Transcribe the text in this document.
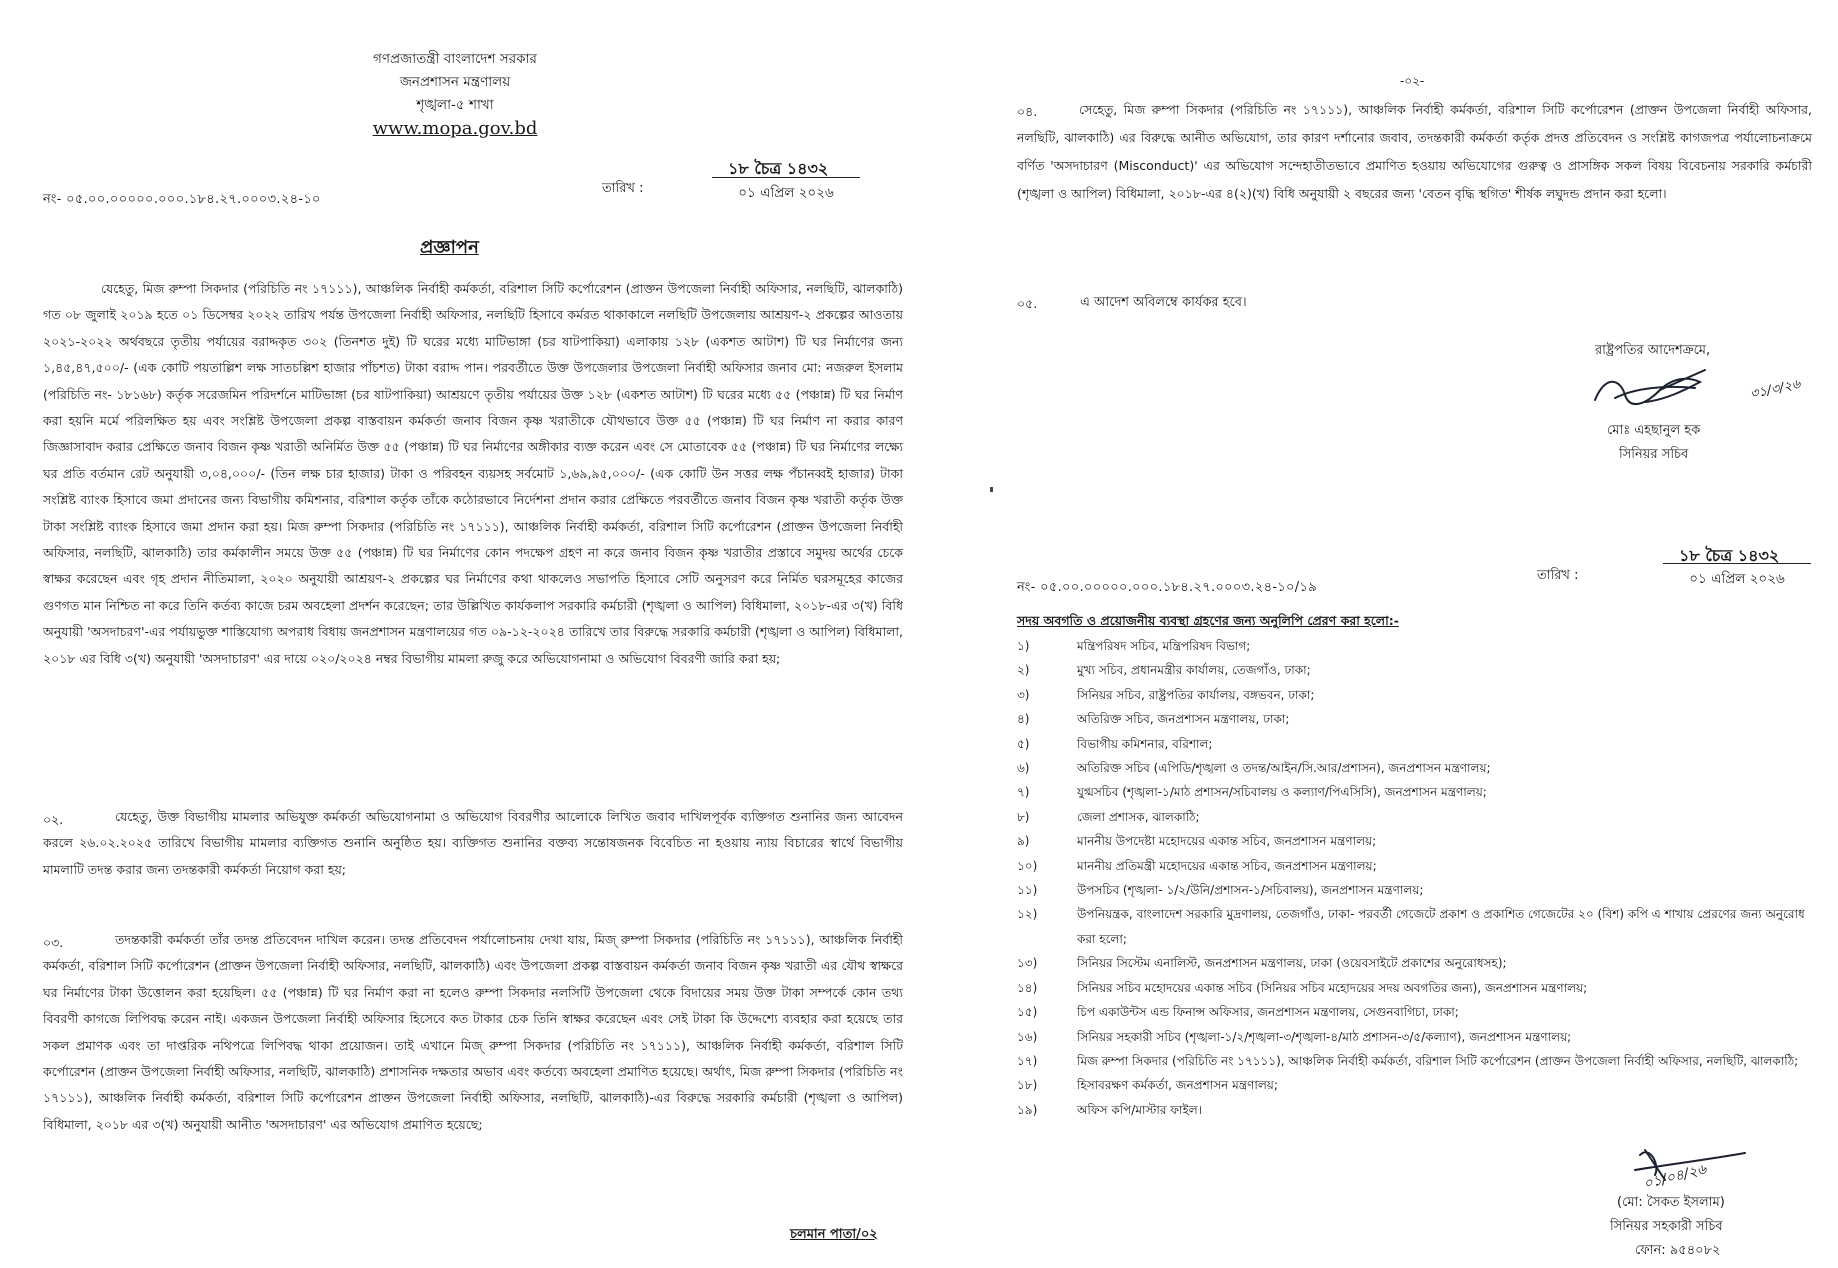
গণপ্রজাতন্ত্রী বাংলাদেশ সরকার
জনপ্রশাসন মন্ত্রণালয়
শৃঙ্খলা-৫ শাখা
www.mopa.gov.bd
১৮ চৈত্র ১৪৩২
০১ এপ্রিল ২০২৬
তারিখ :
নং- ০৫.০০.০০০০০.০০০.১৮৪.২৭.০০০৩.২৪-১০
প্রজ্ঞাপন
যেহেতু, মিজ রুম্পা সিকদার (পরিচিতি নং ১৭১১১), আঞ্চলিক নির্বাহী কর্মকর্তা, বরিশাল সিটি কর্পোরেশন (প্রাক্তন উপজেলা নির্বাহী অফিসার, নলছিটি, ঝালকাঠি) গত ০৮ জুলাই ২০১৯ হতে ০১ ডিসেম্বর ২০২২ তারিখ পর্যন্ত উপজেলা নির্বাহী অফিসার, নলছিটি হিসাবে কর্মরত থাকাকালে নলছিটি উপজেলায় আশ্রয়ণ-২ প্রকল্পের আওতায় ২০২১-২০২২ অর্থবছরে তৃতীয় পর্যায়ের বরাদ্দকৃত ৩০২ (তিনশত দুই) টি ঘরের মধ্যে মাটিভাঙ্গা (চর ষাটপাকিয়া) এলাকায় ১২৮ (একশত আটাশ) টি ঘর নির্মাণের জন্য ১,৪৫,৪৭,৫০০/- (এক কোটি পয়তাল্লিশ লক্ষ সাতচল্লিশ হাজার পাঁচশত) টাকা বরাদ্দ পান। পরবর্তীতে উক্ত উপজেলার উপজেলা নির্বাহী অফিসার জনাব মো: নজরুল ইসলাম (পরিচিতি নং- ১৮১৬৮) কর্তৃক সরেজমিন পরিদর্শনে মাটিভাঙ্গা (চর ষাটপাকিয়া) আশ্রয়ণে তৃতীয় পর্যায়ের উক্ত ১২৮ (একশত আটাশ) টি ঘরের মধ্যে ৫৫ (পঞ্চান্ন) টি ঘর নির্মাণ করা হয়নি মর্মে পরিলক্ষিত হয় এবং সংশ্লিষ্ট উপজেলা প্রকল্প বাস্তবায়ন কর্মকর্তা জনাব বিজন কৃষ্ণ খরাতীকে যৌথভাবে উক্ত ৫৫ (পঞ্চান্ন) টি ঘর নির্মাণ না করার কারণ জিজ্ঞাসাবাদ করার প্রেক্ষিতে জনাব বিজন কৃষ্ণ খরাতী অনির্মিত উক্ত ৫৫ (পঞ্চান্ন) টি ঘর নির্মাণের অঙ্গীকার ব্যক্ত করেন এবং সে মোতাবেক ৫৫ (পঞ্চান্ন) টি ঘর নির্মাণের লক্ষ্যে ঘর প্রতি বর্তমান রেট অনুযায়ী ৩,০৪,০০০/- (তিন লক্ষ চার হাজার) টাকা ও পরিবহন ব্যয়সহ সর্বমোট ১,৬৯,৯৫,০০০/- (এক কোটি উন সত্তর লক্ষ পঁচানব্বই হাজার) টাকা সংশ্লিষ্ট ব্যাংক হিসাবে জমা প্রদানের জন্য বিভাগীয় কমিশনার, বরিশাল কর্তৃক তাঁকে কঠোরভাবে নির্দেশনা প্রদান করার প্রেক্ষিতে পরবর্তীতে জনাব বিজন কৃষ্ণ খরাতী কর্তৃক উক্ত টাকা সংশ্লিষ্ট ব্যাংক হিসাবে জমা প্রদান করা হয়। মিজ রুম্পা সিকদার (পরিচিতি নং ১৭১১১), আঞ্চলিক নির্বাহী কর্মকর্তা, বরিশাল সিটি কর্পোরেশন (প্রাক্তন উপজেলা নির্বাহী অফিসার, নলছিটি, ঝালকাঠি) তার কর্মকালীন সময়ে উক্ত ৫৫ (পঞ্চান্ন) টি ঘর নির্মাণের কোন পদক্ষেপ গ্রহণ না করে জনাব বিজন কৃষ্ণ খরাতীর প্রস্তাবে সমুদয় অর্থের চেকে স্বাক্ষর করেছেন এবং গৃহ প্রদান নীতিমালা, ২০২০ অনুযায়ী আশ্রয়ণ-২ প্রকল্পের ঘর নির্মাণের কথা থাকলেও সভাপতি হিসাবে সেটি অনুসরণ করে নির্মিত ঘরসমূহের কাজের গুণগত মান নিশ্চিত না করে তিনি কর্তব্য কাজে চরম অবহেলা প্রদর্শন করেছেন; তার উল্লিখিত কার্যকলাপ সরকারি কর্মচারী (শৃঙ্খলা ও আপিল) বিধিমালা, ২০১৮-এর ৩(খ) বিধি অনুযায়ী 'অসদাচরণ'-এর পর্যায়ভুক্ত শাস্তিযোগ্য অপরাধ বিধায় জনপ্রশাসন মন্ত্রণালয়ের গত ০৯-১২-২০২৪ তারিখে তার বিরুদ্ধে সরকারি কর্মচারী (শৃঙ্খলা ও আপিল) বিধিমালা, ২০১৮ এর বিধি ৩(খ) অনুযায়ী 'অসদাচারণ' এর দায়ে ০২০/২০২৪ নম্বর বিভাগীয় মামলা রুজু করে অভিযোগনামা ও অভিযোগ বিবরণী জারি করা হয়;
০২.	যেহেতু, উক্ত বিভাগীয় মামলার অভিযুক্ত কর্মকর্তা অভিযোগনামা ও অভিযোগ বিবরণীর আলোকে লিখিত জবাব দাখিলপূর্বক ব্যক্তিগত শুনানির জন্য আবেদন করলে ২৬.০২.২০২৫ তারিখে বিভাগীয় মামলার ব্যক্তিগত শুনানি অনুষ্ঠিত হয়। ব্যক্তিগত শুনানির বক্তব্য সন্তোষজনক বিবেচিত না হওয়ায় ন্যায় বিচারের স্বার্থে বিভাগীয় মামলাটি তদন্ত করার জন্য তদন্তকারী কর্মকর্তা নিয়োগ করা হয়;
০৩.	তদন্তকারী কর্মকর্তা তাঁর তদন্ত প্রতিবেদন দাখিল করেন। তদন্ত প্রতিবেদন পর্যালোচনায় দেখা যায়, মিজ্ রুম্পা সিকদার (পরিচিতি নং ১৭১১১), আঞ্চলিক নির্বাহী কর্মকর্তা, বরিশাল সিটি কর্পোরেশন (প্রাক্তন উপজেলা নির্বাহী অফিসার, নলছিটি, ঝালকাঠি) এবং উপজেলা প্রকল্প বাস্তবায়ন কর্মকর্তা জনাব বিজন কৃষ্ণ খরাতী এর যৌথ স্বাক্ষরে ঘর নির্মাণের টাকা উত্তোলন করা হয়েছিল। ৫৫ (পঞ্চান্ন) টি ঘর নির্মাণ করা না হলেও রুম্পা সিকদার নলসিটি উপজেলা থেকে বিদায়ের সময় উক্ত টাকা সম্পর্কে কোন তথ্য বিবরণী কাগজে লিপিবদ্ধ করেন নাই। একজন উপজেলা নির্বাহী অফিসার হিসেবে কত টাকার চেক তিনি স্বাক্ষর করেছেন এবং সেই টাকা কি উদ্দেশ্যে ব্যবহার করা হয়েছে তার সকল প্রমাণক এবং তা দাপ্তরিক নথিপত্রে লিপিবদ্ধ থাকা প্রয়োজন। তাই এখানে মিজ্ রুম্পা সিকদার (পরিচিতি নং ১৭১১১), আঞ্চলিক নির্বাহী কর্মকর্তা, বরিশাল সিটি কর্পোরেশন (প্রাক্তন উপজেলা নির্বাহী অফিসার, নলছিটি, ঝালকাঠি) প্রশাসনিক দক্ষতার অভাব এবং কর্তব্যে অবহেলা প্রমাণিত হয়েছে। অর্থাৎ, মিজ রুম্পা সিকদার (পরিচিতি নং ১৭১১১), আঞ্চলিক নির্বাহী কর্মকর্তা, বরিশাল সিটি কর্পোরেশন প্রাক্তন উপজেলা নির্বাহী অফিসার, নলছিটি, ঝালকাঠি)-এর বিরুদ্ধে সরকারি কর্মচারী (শৃঙ্খলা ও আপিল) বিধিমালা, ২০১৮ এর ৩(খ) অনুযায়ী আনীত 'অসদাচারণ' এর অভিযোগ প্রমাণিত হয়েছে;
চলমান পাতা/০২
-০২-
০৪.	সেহেতু, মিজ রুম্পা সিকদার (পরিচিতি নং ১৭১১১), আঞ্চলিক নির্বাহী কর্মকর্তা, বরিশাল সিটি কর্পোরেশন (প্রাক্তন উপজেলা নির্বাহী অফিসার, নলছিটি, ঝালকাঠি) এর বিরুদ্ধে আনীত অভিযোগ, তার কারণ দর্শানোর জবাব, তদন্তকারী কর্মকর্তা কর্তৃক প্রদত্ত প্রতিবেদন ও সংশ্লিষ্ট কাগজপত্র পর্যালোচনাক্রমে বর্ণিত 'অসদাচারণ (Misconduct)' এর অভিযোগ সন্দেহাতীতভাবে প্রমাণিত হওয়ায় অভিযোগের গুরুত্ব ও প্রাসঙ্গিক সকল বিষয় বিবেচনায় সরকারি কর্মচারী (শৃঙ্খলা ও আপিল) বিধিমালা, ২০১৮-এর ৪(২)(খ) বিধি অনুযায়ী ২ বছরের জন্য 'বেতন বৃদ্ধি স্থগিত' শীর্ষক লঘুদন্ড প্রদান করা হলো।
০৫.	এ আদেশ অবিলম্বে কার্যকর হবে।
রাষ্ট্রপতির আদেশক্রমে,
৩১/৩/২৬
মোঃ এহছানুল হক
সিনিয়র সচিব
১৮ চৈত্র ১৪৩২
০১ এপ্রিল ২০২৬
তারিখ :
নং- ০৫.০০.০০০০০.০০০.১৮৪.২৭.০০০৩.২৪-১০/১৯
সদয় অবগতি ও প্রয়োজনীয় ব্যবস্থা গ্রহণের জন্য অনুলিপি প্রেরণ করা হলো:-
১)	মন্ত্রিপরিষদ সচিব, মন্ত্রিপরিষদ বিভাগ;
২)	মুখ্য সচিব, প্রধানমন্ত্রীর কার্যালয়, তেজগাঁও, ঢাকা;
৩)	সিনিয়র সচিব, রাষ্ট্রপতির কার্যালয়, বঙ্গভবন, ঢাকা;
৪)	অতিরিক্ত সচিব, জনপ্রশাসন মন্ত্রণালয়, ঢাকা;
৫)	বিভাগীয় কমিশনার, বরিশাল;
৬)	অতিরিক্ত সচিব (এপিডি/শৃঙ্খলা ও তদন্ত/আইন/সি.আর/প্রশাসন), জনপ্রশাসন মন্ত্রণালয়;
৭)	যুগ্মসচিব (শৃঙ্খলা-১/মাঠ প্রশাসন/সচিবালয় ও কল্যাণ/পিএসিসি), জনপ্রশাসন মন্ত্রণালয়;
৮)	জেলা প্রশাসক, ঝালকাঠি;
৯)	মাননীয় উপদেষ্টা মহোদয়ের একান্ত সচিব, জনপ্রশাসন মন্ত্রণালয়;
১০)	মাননীয় প্রতিমন্ত্রী মহোদয়ের একান্ত সচিব, জনপ্রশাসন মন্ত্রণালয়;
১১)	উপসচিব (শৃঙ্খলা- ১/২/উনি/প্রশাসন-১/সচিবালয়), জনপ্রশাসন মন্ত্রণালয়;
১২)	উপনিয়ন্ত্রক, বাংলাদেশ সরকারি মুদ্রণালয়, তেজগাঁও, ঢাকা- পরবর্তী গেজেটে প্রকাশ ও প্রকাশিত গেজেটের ২০ (বিশ) কপি এ শাখায় প্রেরণের জন্য অনুরোধ করা হলো;
১৩)	সিনিয়র সিস্টেম এনালিস্ট, জনপ্রশাসন মন্ত্রণালয়, ঢাকা (ওয়েবসাইটে প্রকাশের অনুরোধসহ);
১৪)	সিনিয়র সচিব মহোদয়ের একান্ত সচিব (সিনিয়র সচিব মহোদয়ের সদয় অবগতির জন্য), জনপ্রশাসন মন্ত্রণালয়;
১৫)	চিপ একাউন্টস এন্ড ফিনান্স অফিসার, জনপ্রশাসন মন্ত্রণালয়, সেগুনবাগিচা, ঢাকা;
১৬)	সিনিয়র সহকারী সচিব (শৃঙ্খলা-১/২/শৃঙ্খলা-৩/শৃঙ্খলা-৪/মাঠ প্রশাসন-৩/৫/কল্যাণ), জনপ্রশাসন মন্ত্রণালয়;
১৭)	মিজ রুম্পা সিকদার (পরিচিতি নং ১৭১১১), আঞ্চলিক নির্বাহী কর্মকর্তা, বরিশাল সিটি কর্পোরেশন (প্রাক্তন উপজেলা নির্বাহী অফিসার, নলছিটি, ঝালকাঠি;
১৮)	হিসাবরক্ষণ কর্মকর্তা, জনপ্রশাসন মন্ত্রণালয়;
১৯)	অফিস কপি/মাস্টার ফাইল।
০১/০৪/২৬
(মো: সৈকত ইসলাম)
সিনিয়র সহকারী সচিব
ফোন: ৯৫৪০৮২
